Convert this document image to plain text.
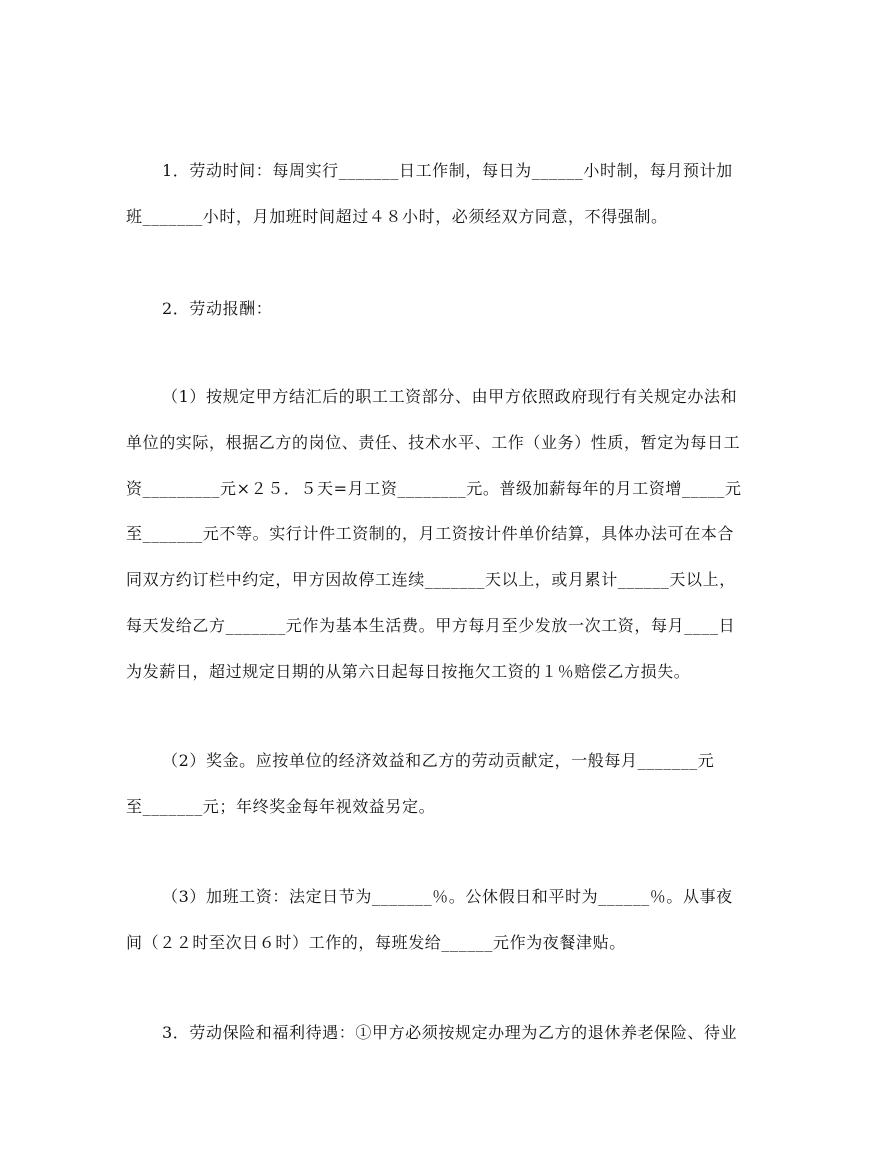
1．劳动时间：每周实行_______日工作制，每日为______小时制，每月预计加
班_______小时，月加班时间超过４８小时，必须经双方同意，不得强制。
2．劳动报酬：
（1）按规定甲方结汇后的职工工资部分、由甲方依照政府现行有关规定办法和
单位的实际，根据乙方的岗位、责任、技术水平、工作（业务）性质，暂定为每日工
资_________元×２５．５天=月工资________元。普级加薪每年的月工资增_____元
至_______元不等。实行计件工资制的，月工资按计件单价结算，具体办法可在本合
同双方约订栏中约定，甲方因故停工连续_______天以上，或月累计______天以上，
每天发给乙方_______元作为基本生活费。甲方每月至少发放一次工资，每月____日
为发薪日，超过规定日期的从第六日起每日按拖欠工资的１％赔偿乙方损失。
（2）奖金。应按单位的经济效益和乙方的劳动贡献定，一般每月_______元
至_______元；年终奖金每年视效益另定。
（3）加班工资：法定日节为_______％。公休假日和平时为______％。从事夜
间（２２时至次日６时）工作的，每班发给______元作为夜餐津贴。
3．劳动保险和福利待遇：①甲方必须按规定办理为乙方的退休养老保险、待业
